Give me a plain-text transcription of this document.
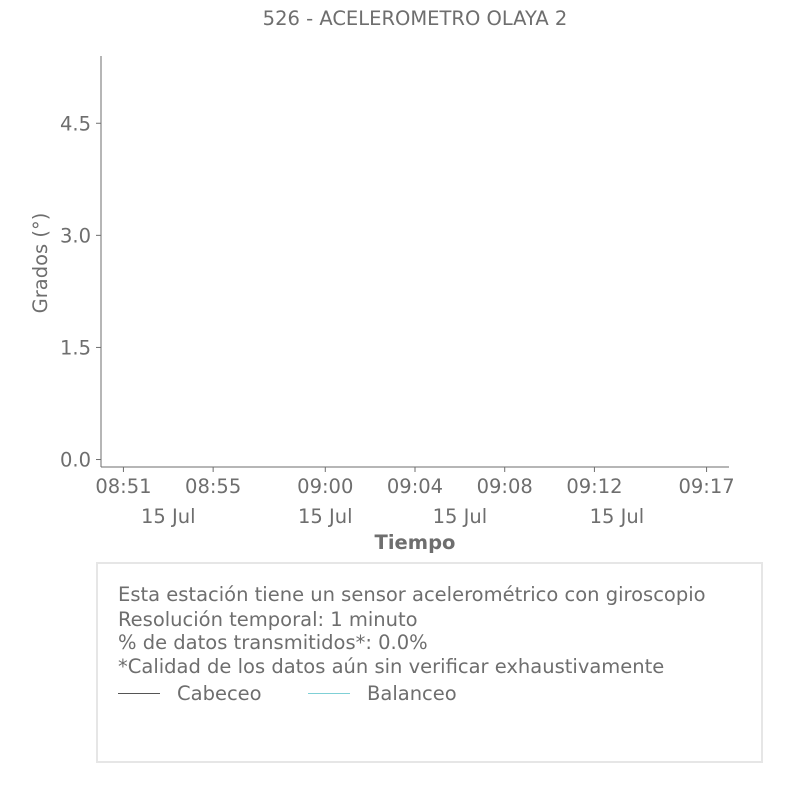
526 - ACELEROMETRO OLAYA 2
0.0
1.5
3.0
4.5
08:51 08:55	09:00 09:04 09:08 09:12	09:17
15 Jul	15 Jul	15 Jul	15 Jul
Grados (°)
Tiempo
Esta estación tiene un sensor acelerométrico con giroscopio
Resolución temporal: 1 minuto
% de datos transmitidos*: 0.0%
*Calidad de los datos aún sin verificar exhaustivamente
Cabeceo	Balanceo
